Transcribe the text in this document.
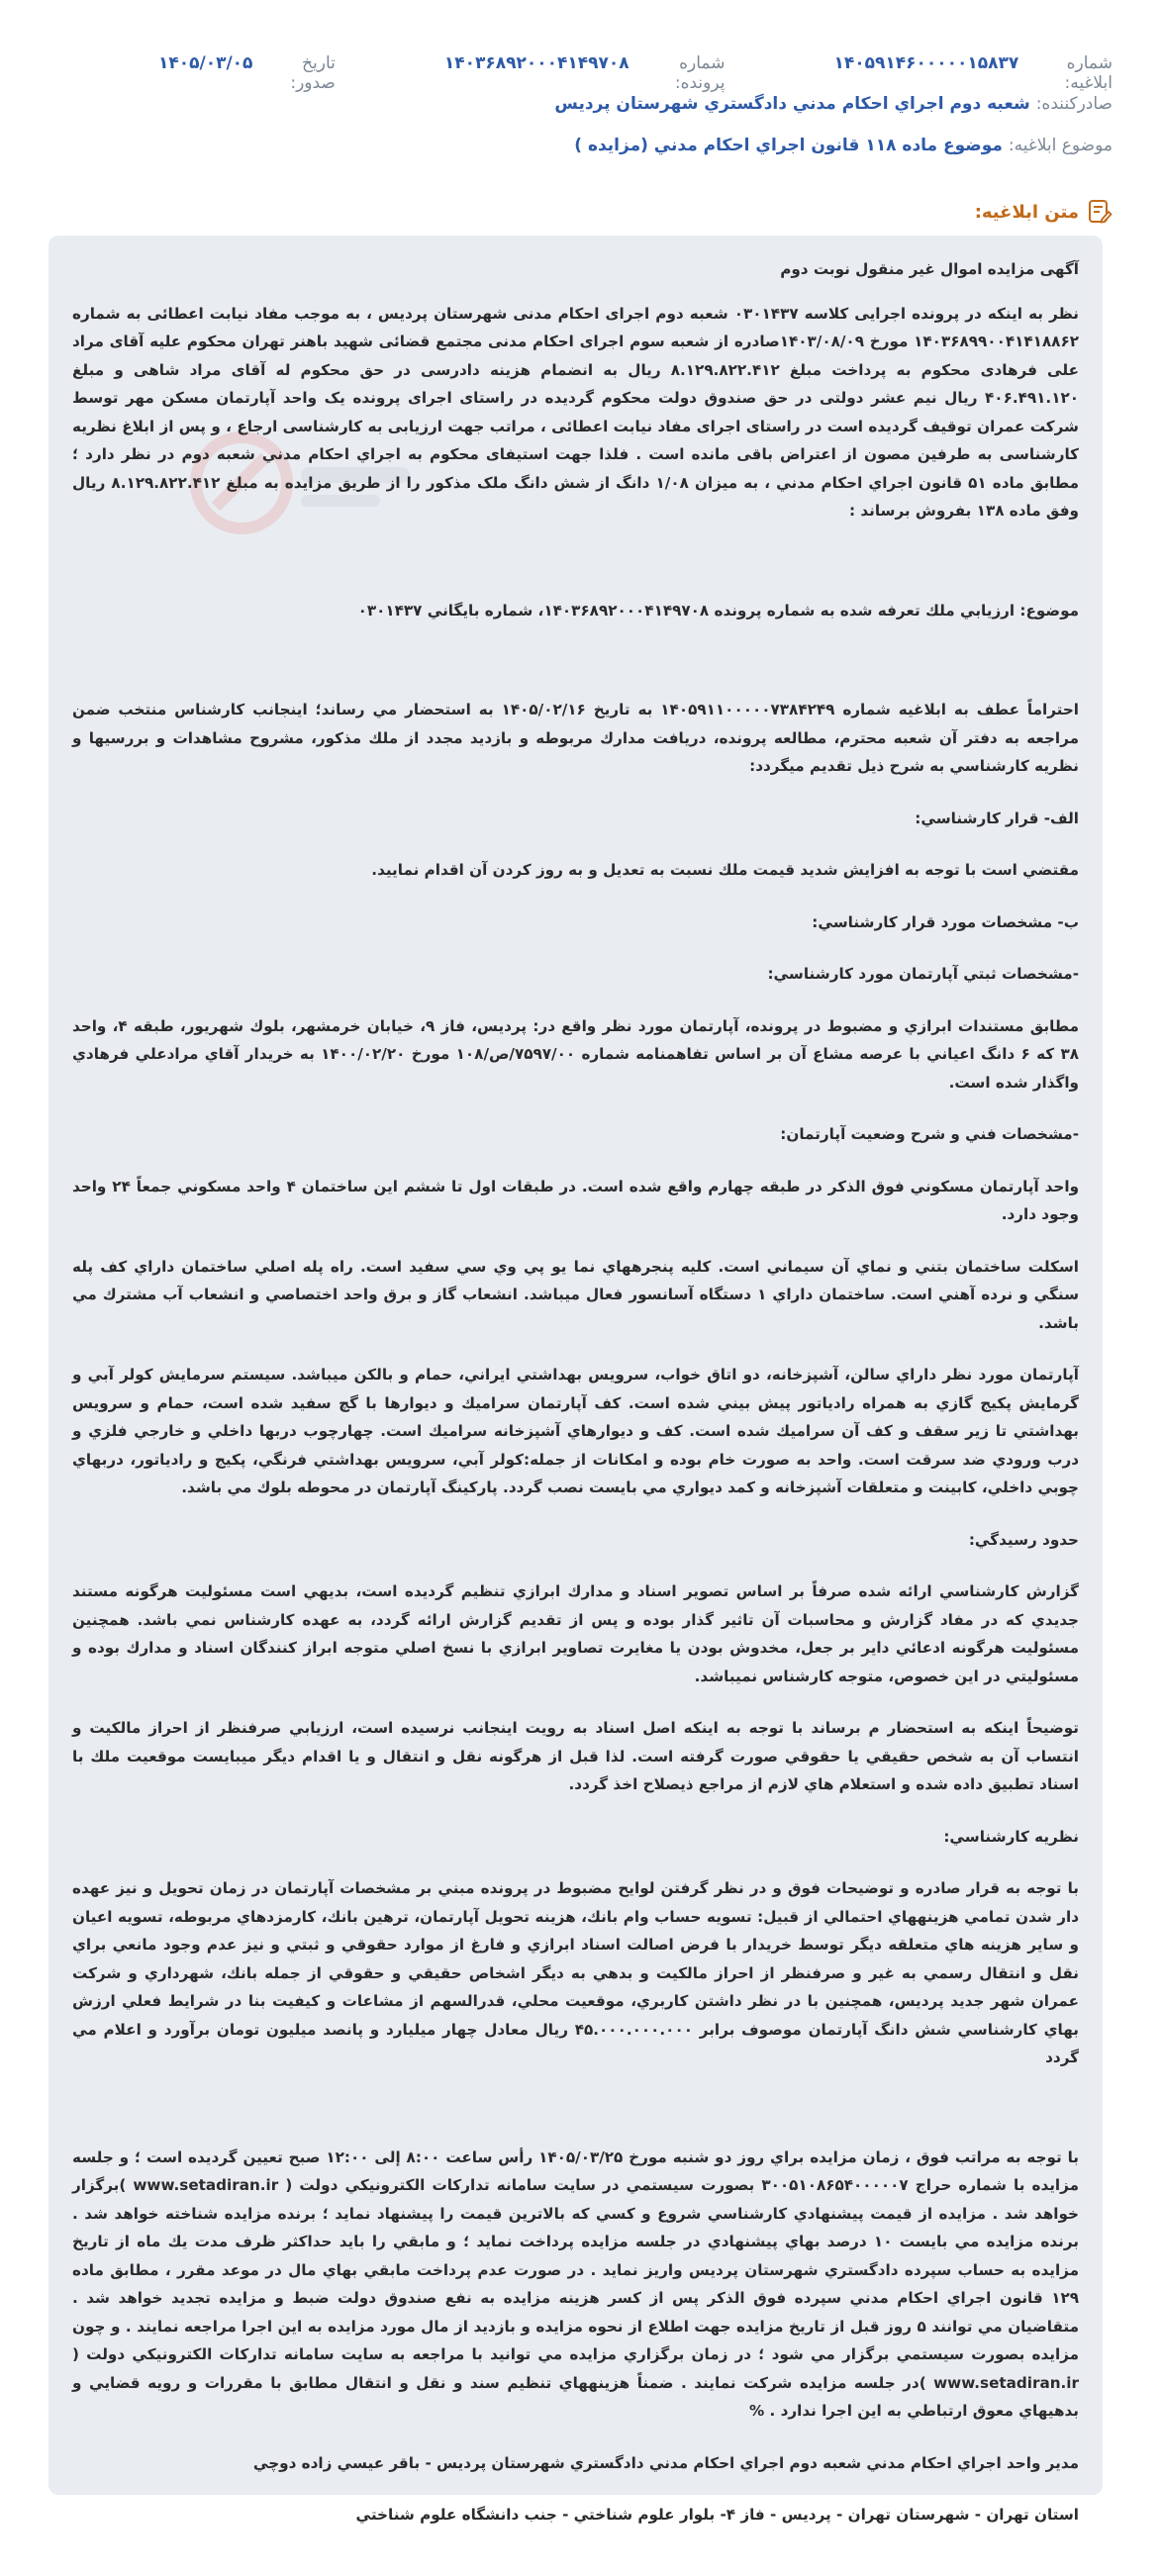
شماره ابلاغیه:
۱۴۰۵۹۱۴۶۰۰۰۰۰۱۵۸۳۷
شماره پرونده:
۱۴۰۳۶۸۹۲۰۰۰۴۱۴۹۷۰۸
تاریخ صدور:
۱۴۰۵/۰۳/۰۵
صادرکننده:
شعبه دوم اجراي احكام مدني دادگستري شهرستان پرديس
موضوع ابلاغیه:
موضوع ماده ۱۱۸ قانون اجراي احكام مدني (مزايده )
متن ابلاغیه:

آگهی مزایده اموال غیر منقول نوبت دوم

نظر به اینکه در پرونده اجرایی کلاسه ۰۳۰۱۴۳۷ شعبه دوم اجرای احکام مدنی شهرستان پردیس ، به موجب مفاد نیابت اعطائی به شماره ۱۴۰۳۶۸۹۹۰۰۴۱۴۱۸۸۶۲ مورخ ۱۴۰۳/۰۸/۰۹صادره از شعبه سوم اجرای احکام مدنی مجتمع قضائی شهید باهنر تهران محکوم علیه آقای مراد علی فرهادی محکوم به پرداخت مبلغ ۸.۱۲۹.۸۲۲.۴۱۲ ریال به انضمام هزینه دادرسی در حق محکوم له آقای مراد شاهی و مبلغ ۴۰۶.۴۹۱.۱۲۰ ریال نیم عشر دولتی در حق صندوق دولت محکوم گردیده در راستای اجرای پرونده یک واحد آپارتمان مسکن مهر توسط شرکت عمران توقیف گردیده است در راستای اجرای مفاد نیابت اعطائی ، مراتب جهت ارزیابی به کارشناسی ارجاع ، و پس از ابلاغ نظریه کارشناسی به طرفین مصون از اعتراض باقی مانده است . فلذا جهت استیفای محکوم به اجراي احكام مدني شعبه دوم در نظر دارد ؛ مطابق ماده ۵۱ قانون اجراي احكام مدني ، به میزان ۱/۰۸ دانگ از شش دانگ ملک مذکور را از طریق مزایده به مبلغ ۸.۱۲۹.۸۲۲.۴۱۲ ریال وفق ماده ۱۳۸ بفروش برساند :

موضوع: ارزيابي ملك تعرفه شده به شماره پرونده ۱۴۰۳۶۸۹۲۰۰۰۴۱۴۹۷۰۸، شماره بايگاني ۰۳۰۱۴۳۷

احتراماً عطف به ابلاغيه شماره ۱۴۰۵۹۱۱۰۰۰۰۰۷۳۸۴۲۴۹ به تاريخ ۱۴۰۵/۰۲/۱۶ به استحضار مي رساند؛ اينجانب كارشناس منتخب ضمن مراجعه به دفتر آن شعبه محترم، مطالعه پرونده، دريافت مدارك مربوطه و بازديد مجدد از ملك مذكور، مشروح مشاهدات و بررسيها و نظريه كارشناسي به شرح ذيل تقديم ميگردد:

الف- قرار كارشناسي:

مقتضي است با توجه به افزايش شديد قيمت ملك نسبت به تعديل و به روز كردن آن اقدام نماييد.

ب- مشخصات مورد قرار كارشناسي:

-مشخصات ثبتي آپارتمان مورد كارشناسي:

مطابق مستندات ابرازي و مضبوط در پرونده، آپارتمان مورد نظر واقع در: پرديس، فاز ۹، خيابان خرمشهر، بلوك شهريور، طبقه ۴، واحد ۳۸ كه ۶ دانگ اعياني با عرصه مشاع آن بر اساس تفاهمنامه شماره ۷۵۹۷/۰۰/ص/۱۰۸ مورخ ۱۴۰۰/۰۲/۲۰ به خريدار آقاي مرادعلي فرهادي واگذار شده است.

-مشخصات فني و شرح وضعيت آپارتمان:

واحد آپارتمان مسكوني فوق الذكر در طبقه چهارم واقع شده است. در طبقات اول تا ششم اين ساختمان ۴ واحد مسكوني جمعاً ۲۴ واحد وجود دارد.

اسكلت ساختمان بتني و نماي آن سيماني است. كليه پنجرههاي نما يو پي وي سي سفيد است. راه پله اصلي ساختمان داراي كف پله سنگي و نرده آهني است. ساختمان داراي ۱ دستگاه آسانسور فعال ميباشد. انشعاب گاز و برق واحد اختصاصي و انشعاب آب مشترك مي باشد.

آپارتمان مورد نظر داراي سالن، آشپزخانه، دو اتاق خواب، سرويس بهداشتي ايراني، حمام و بالكن ميباشد. سيستم سرمايش كولر آبي و گرمايش پكيج گازي به همراه رادياتور پيش بيني شده است. كف آپارتمان سراميك و ديوارها با گچ سفيد شده است، حمام و سرويس بهداشتي تا زير سقف و كف آن سراميك شده است. كف و ديوارهاي آشپزخانه سراميك است. چهارچوب دربها داخلي و خارجي فلزي و درب ورودي ضد سرقت است. واحد به صورت خام بوده و امكانات از جمله:كولر آبي، سرويس بهداشتي فرنگي، پكيج و رادياتور، دربهاي چوبي داخلي، كابينت و متعلقات آشپزخانه و كمد ديواري مي بايست نصب گردد. پاركينگ آپارتمان در محوطه بلوك مي باشد.

حدود رسيدگي:

گزارش كارشناسي ارائه شده صرفاً بر اساس تصوير اسناد و مدارك ابرازي تنظيم گرديده است، بديهي است مسئوليت هرگونه مستند جديدي كه در مفاد گزارش و محاسبات آن تاثير گذار بوده و پس از تقديم گزارش ارائه گردد، به عهده كارشناس نمي باشد. همچنين مسئوليت هرگونه ادعائي داير بر جعل، مخدوش بودن يا مغايرت تصاوير ابرازي با نسخ اصلي متوجه ابراز كنندگان اسناد و مدارك بوده و مسئوليتي در اين خصوص، متوجه كارشناس نمیباشد.

توضيحاً اينكه به استحضار م برساند با توجه به اينكه اصل اسناد به رويت اينجانب نرسيده است، ارزيابي صرفنظر از احراز مالكيت و انتساب آن به شخص حقيقي يا حقوقي صورت گرفته است. لذا قبل از هرگونه نقل و انتقال و يا اقدام ديگر ميبايست موقعيت ملك با اسناد تطبيق داده شده و استعلام هاي لازم از مراجع ذيصلاح اخذ گردد.

نظريه كارشناسي:

با توجه به قرار صادره و توضيحات فوق و در نظر گرفتن لوايح مضبوط در پرونده مبني بر مشخصات آپارتمان در زمان تحويل و نيز عهده دار شدن تمامي هزينههاي احتمالي از قبيل: تسويه حساب وام بانك، هزينه تحويل آپارتمان، ترهين بانك، كارمزدهاي مربوطه، تسويه اعيان و ساير هزينه هاي متعلقه ديگر توسط خريدار با فرض اصالت اسناد ابرازي و فارغ از موارد حقوقي و ثبتي و نيز عدم وجود مانعي براي نقل و انتقال رسمي به غير و صرفنظر از احراز مالكيت و بدهي به ديگر اشخاص حقيقي و حقوقي از جمله بانك، شهرداري و شركت عمران شهر جديد پرديس، همچنين با در نظر داشتن كاربري، موقعيت محلي، قدرالسهم از مشاعات و كيفيت بنا در شرايط فعلي ارزش بهاي كارشناسي شش دانگ آپارتمان موصوف برابر ۴۵.۰۰۰.۰۰۰.۰۰۰ ريال معادل چهار ميليارد و پانصد ميليون تومان برآورد و اعلام مي گردد

با توجه به مراتب فوق ، زمان مزايده براي روز دو شنبه مورخ ۱۴۰۵/۰۳/۲۵ رأس ساعت ۸:۰۰ إلی ۱۲:۰۰ صبح تعيين گرديده است ؛ و جلسه مزايده با شماره حراج ۳۰۰۵۱۰۸۶۵۴۰۰۰۰۰۷ بصورت سيستمي در سايت سامانه تداركات الكترونيكي دولت ( www.setadiran.ir )برگزار خواهد شد . مزايده از قيمت پيشنهادي كارشناسي شروع و كسي كه بالاترين قيمت را پيشنهاد نمايد ؛ برنده مزايده شناخته خواهد شد . برنده مزايده مي بايست ۱۰ درصد بهاي پيشنهادي در جلسه مزايده پرداخت نمايد ؛ و مابقي را بايد حداكثر ظرف مدت يك ماه از تاريخ مزايده به حساب سپرده دادگستري شهرستان پرديس واريز نمايد . در صورت عدم پرداخت مابقي بهاي مال در موعد مقرر ، مطابق ماده ۱۲۹ قانون اجراي احكام مدني سپرده فوق الذكر پس از كسر هزينه مزايده به نفع صندوق دولت ضبط و مزايده تجديد خواهد شد . متقاضيان مي توانند ۵ روز قبل از تاريخ مزايده جهت اطلاع از نحوه مزايده و بازديد از مال مورد مزايده به اين اجرا مراجعه نمايند . و چون مزايده بصورت سيستمي برگزار مي شود ؛ در زمان برگزاري مزايده مي توانيد با مراجعه به سايت سامانه تداركات الكترونيكي دولت ( www.setadiran.ir )در جلسه مزايده شركت نمايند . ضمناً هزينههاي تنظيم سند و نقل و انتقال مطابق با مقررات و رويه قضايي و بدهيهاي معوق ارتباطي به اين اجرا ندارد . %

مدير واحد اجراي احكام مدني شعبه دوم اجراي احكام مدني دادگستري شهرستان پرديس - باقر عيسي زاده دوچي

استان تهران - شهرستان تهران - پرديس - فاز ۴- بلوار علوم شناختي - جنب دانشگاه علوم شناختي
